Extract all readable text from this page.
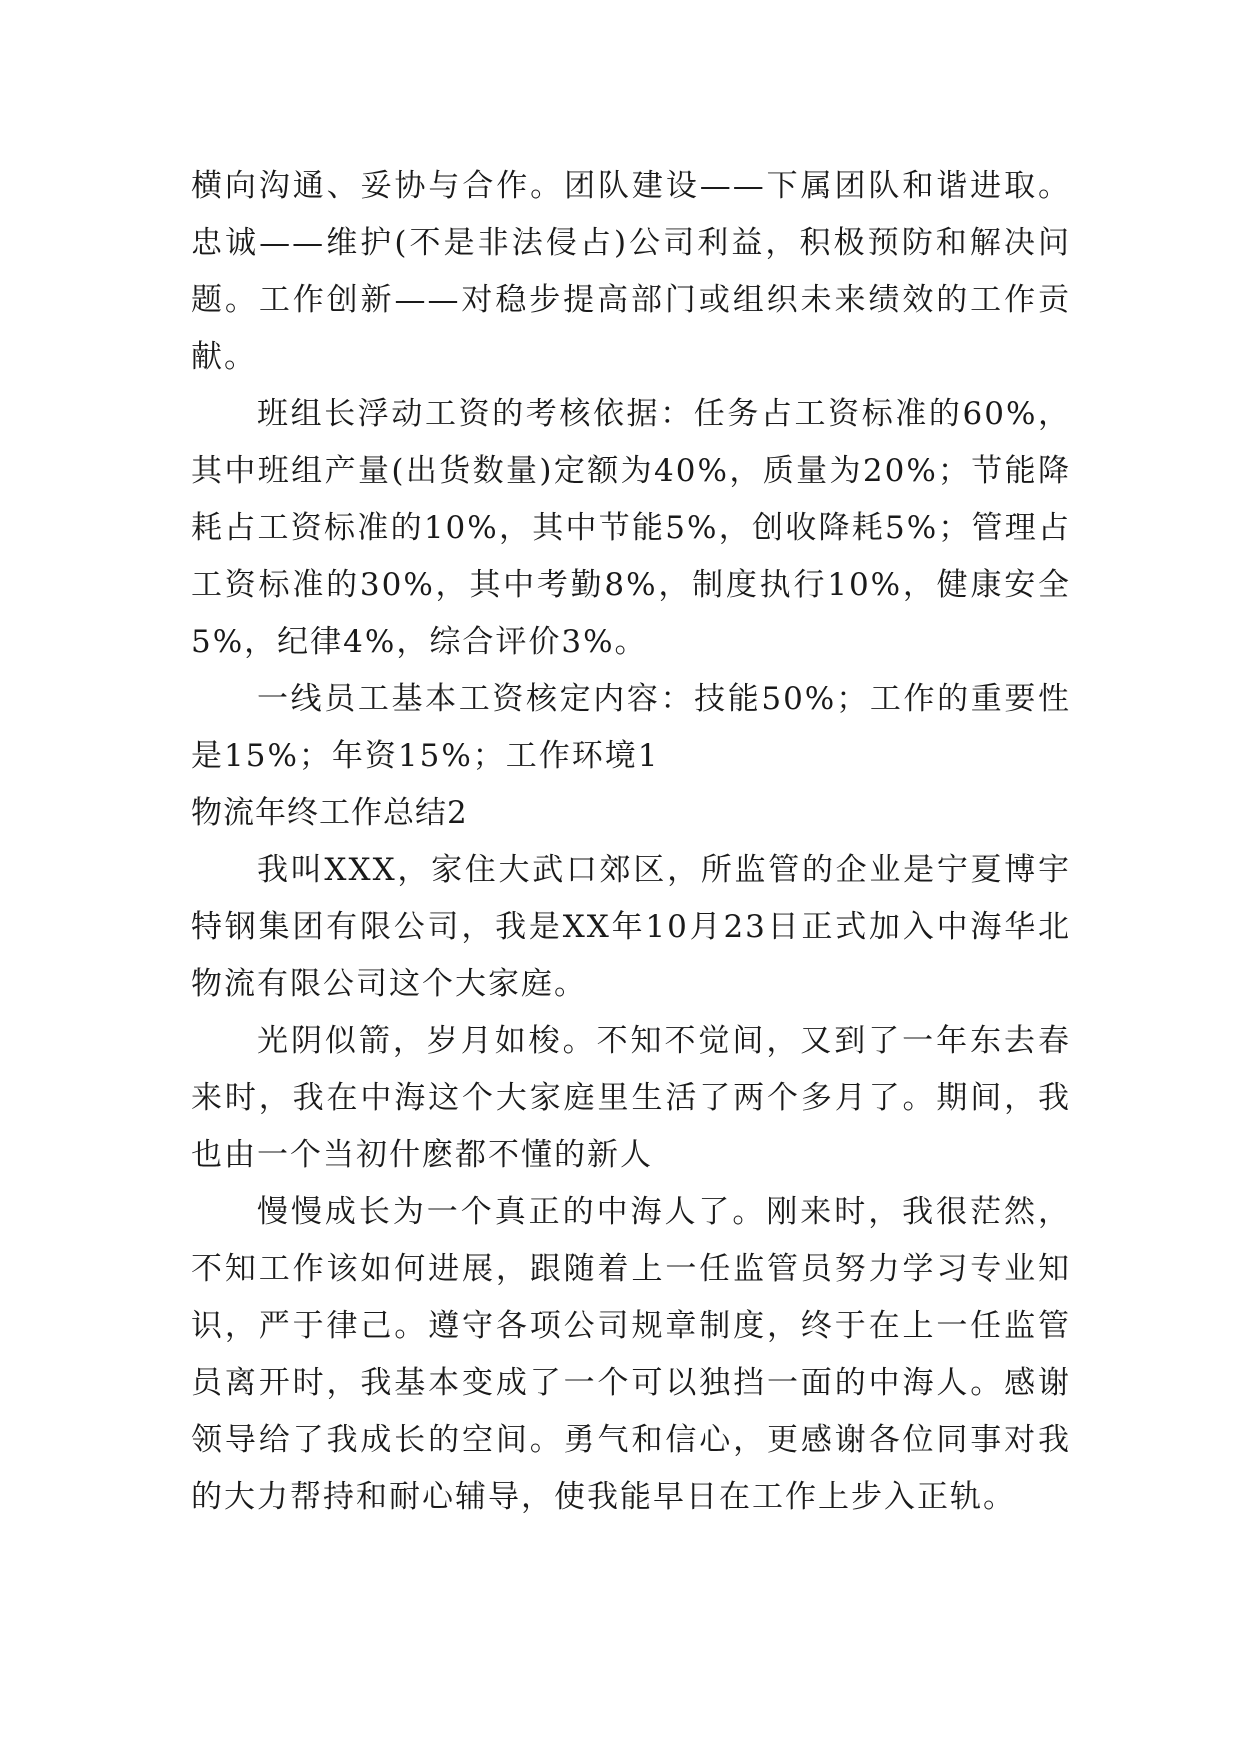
横向沟通、妥协与合作。团队建设——下属团队和谐进取。忠诚——维护(不是非法侵占)公司利益，积极预防和解决问题。工作创新——对稳步提高部门或组织未来绩效的工作贡献。

班组长浮动工资的考核依据：任务占工资标准的60%，其中班组产量(出货数量)定额为40%，质量为20%；节能降耗占工资标准的10%，其中节能5%，创收降耗5%；管理占工资标准的30%，其中考勤8%，制度执行10%，健康安全5%，纪律4%，综合评价3%。

一线员工基本工资核定内容：技能50%；工作的重要性是15%；年资15%；工作环境1

物流年终工作总结2

我叫XXX，家住大武口郊区，所监管的企业是宁夏博宇特钢集团有限公司，我是XX年10月23日正式加入中海华北物流有限公司这个大家庭。

光阴似箭，岁月如梭。不知不觉间，又到了一年东去春来时，我在中海这个大家庭里生活了两个多月了。期间，我也由一个当初什麽都不懂的新人

慢慢成长为一个真正的中海人了。刚来时，我很茫然，不知工作该如何进展，跟随着上一任监管员努力学习专业知识，严于律己。遵守各项公司规章制度，终于在上一任监管员离开时，我基本变成了一个可以独挡一面的中海人。感谢领导给了我成长的空间。勇气和信心，更感谢各位同事对我的大力帮持和耐心辅导，使我能早日在工作上步入正轨。
